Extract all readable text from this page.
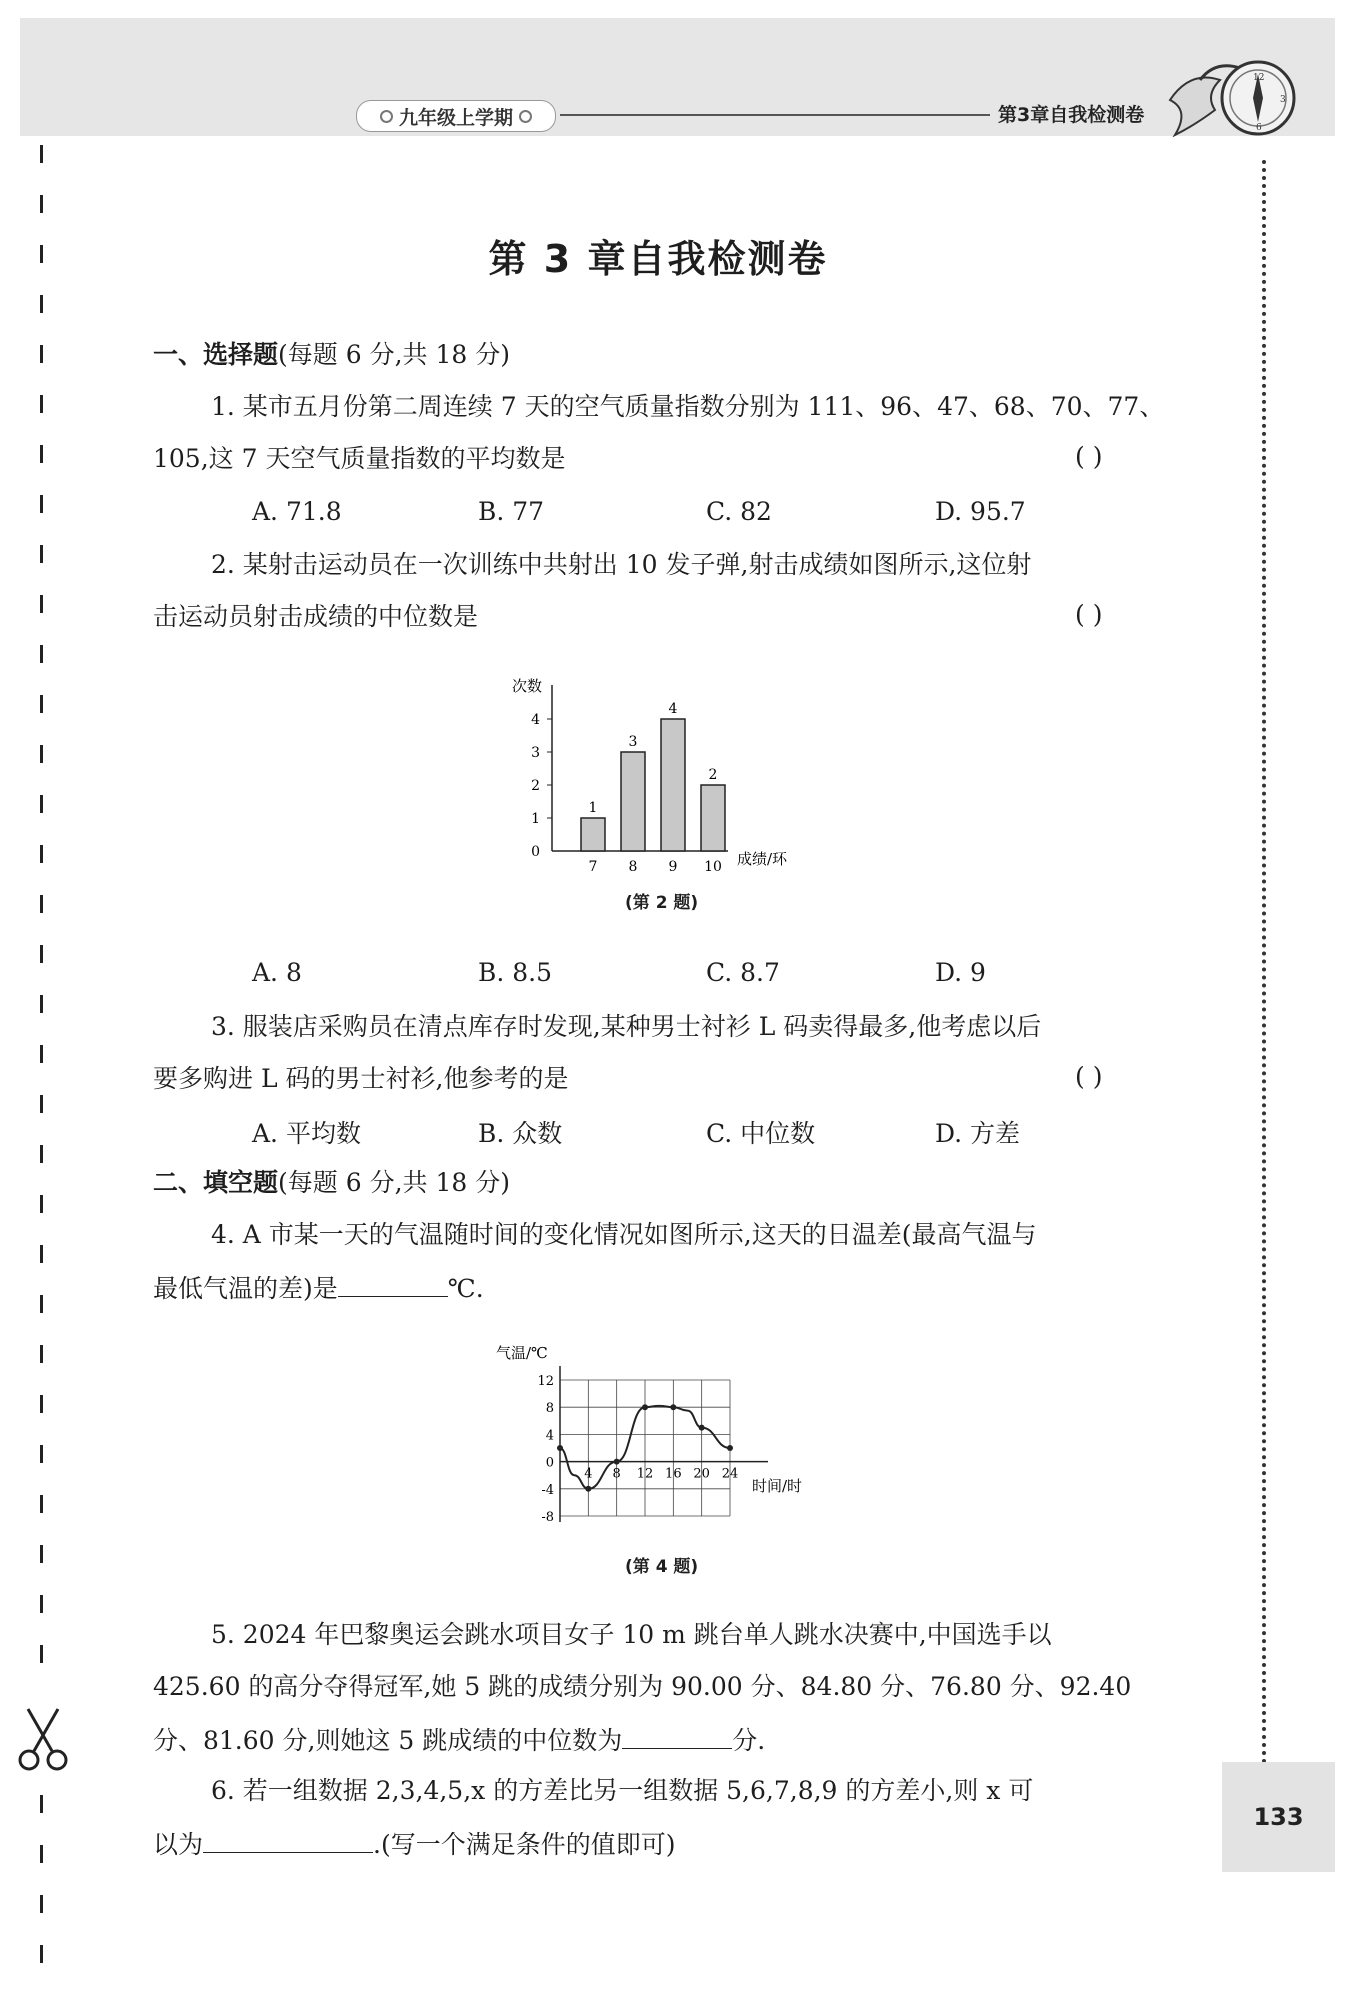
九年级上学期	第3章自我检测卷
12
3
6
133
第 3 章自我检测卷
一、选择题(每题 6 分,共 18 分)
1. 某市五月份第二周连续 7 天的空气质量指数分别为 111、96、47、68、70、77、
105,这 7 天空气质量指数的平均数是	( )
A. 71.8	B. 77	C. 82	D. 95.7
2. 某射击运动员在一次训练中共射出 10 发子弹,射击成绩如图所示,这位射
击运动员射击成绩的中位数是	( )
次数
成绩/环
0
1
2
3
4
1
7
3
8
4
9
2
10
(第 2 题)
A. 8	B. 8.5	C. 8.7	D. 9
3. 服装店采购员在清点库存时发现,某种男士衬衫 L 码卖得最多,他考虑以后
要多购进 L 码的男士衬衫,他参考的是	( )
A. 平均数	B. 众数	C. 中位数	D. 方差
二、填空题(每题 6 分,共 18 分)
4. A 市某一天的气温随时间的变化情况如图所示,这天的日温差(最高气温与
最低气温的差)是	℃.
气温/℃
时间/时
12
8
4
0
-4
-8
4 8 12 16 20 24
(第 4 题)
5. 2024 年巴黎奥运会跳水项目女子 10 m 跳台单人跳水决赛中,中国选手以
425.60 的高分夺得冠军,她 5 跳的成绩分别为 90.00 分、84.80 分、76.80 分、92.40
分、81.60 分,则她这 5 跳成绩的中位数为	分.
6. 若一组数据 2,3,4,5,x 的方差比另一组数据 5,6,7,8,9 的方差小,则 x 可
以为	.(写一个满足条件的值即可)
